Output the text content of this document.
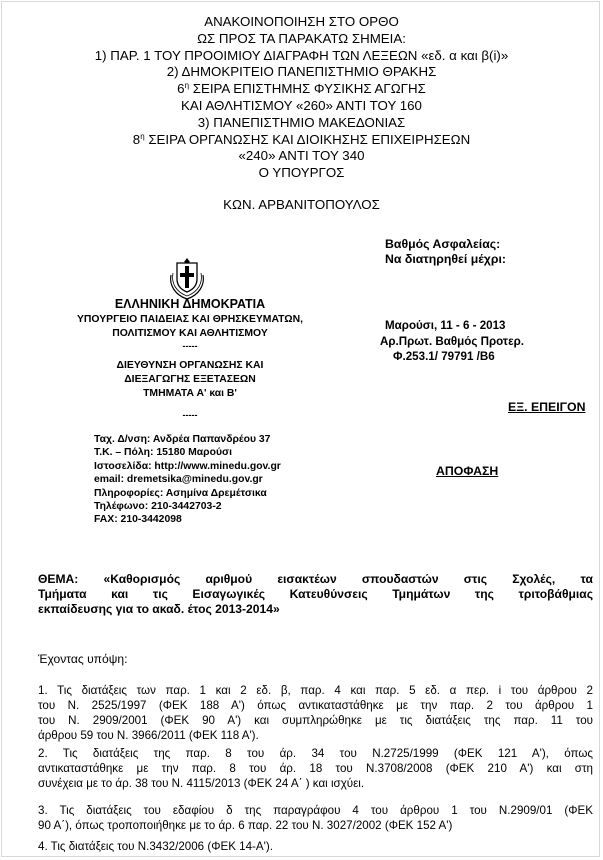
ΑΝΑΚΟΙΝΟΠΟΙΗΣΗ ΣΤΟ ΟΡΘΟ
ΩΣ ΠΡΟΣ ΤΑ ΠΑΡΑΚΑΤΩ ΣΗΜΕΙΑ:
1) ΠΑΡ. 1 ΤΟΥ ΠΡΟΟΙΜΙΟΥ ΔΙΑΓΡΑΦΗ ΤΩΝ ΛΕΞΕΩΝ «εδ. α και β(i)»
2) ΔΗΜΟΚΡΙΤΕΙΟ ΠΑΝΕΠΙΣΤΗΜΙΟ ΘΡΑΚΗΣ
$6^\eta$ ΣΕΙΡΑ ΕΠΙΣΤΗΜΗΣ ΦΥΣΙΚΗΣ ΑΓΩΓΗΣ
ΚΑΙ ΑΘΛΗΤΙΣΜΟΥ «260» ΑΝΤΙ ΤΟΥ 160
3) ΠΑΝΕΠΙΣΤΗΜΙΟ ΜΑΚΕΔΟΝΙΑΣ
$8^\eta$ ΣΕΙΡΑ ΟΡΓΑΝΩΣΗΣ ΚΑΙ ΔΙΟΙΚΗΣΗΣ ΕΠΙΧΕΙΡΗΣΕΩΝ
«240» ΑΝΤΙ ΤΟΥ 340
Ο ΥΠΟΥΡΓΟΣ
ΚΩΝ. ΑΡΒΑΝΙΤΟΠΟΥΛΟΣ
Βαθμός Ασφαλείας:
Να διατηρηθεί μέχρι:
ΕΛΛΗΝΙΚΗ ΔΗΜΟΚΡΑΤΙΑ
ΥΠΟΥΡΓΕΙΟ ΠΑΙΔΕΙΑΣ ΚΑΙ ΘΡΗΣΚΕΥΜΑΤΩΝ,
ΠΟΛΙΤΙΣΜΟΥ ΚΑΙ ΑΘΛΗΤΙΣΜΟΥ
-----
ΔΙΕΥΘΥΝΣΗ ΟΡΓΑΝΩΣΗΣ ΚΑΙ
ΔΙΕΞΑΓΩΓΗΣ ΕΞΕΤΑΣΕΩΝ
ΤΜΗΜΑΤΑ Α' και Β'
-----
Μαρούσι, 11 - 6 - 2013
Αρ.Πρωτ. Βαθμός Προτερ.
Φ.253.1/ 79791 /Β6
ΕΞ. ΕΠΕΙΓΟΝ
Ταχ. Δ/νση: Ανδρέα Παπανδρέου 37
Τ.Κ. – Πόλη: 15180 Μαρούσι
Ιστοσελίδα: http://www.minedu.gov.gr
email: dremetsika@minedu.gov.gr
Πληροφορίες: Ασημίνα Δρεμέτσικα
Τηλέφωνο: 210-3442703-2
FAX: 210-3442098
ΑΠΟΦΑΣΗ
ΘΕΜΑ: «Καθορισμός αριθμού εισακτέων σπουδαστών στις Σχολές, τα
Τμήματα και τις Εισαγωγικές Κατευθύνσεις Τμημάτων της τριτοβάθμιας
εκπαίδευσης για το ακαδ. έτος 2013-2014»
Έχοντας υπόψη:
1. Τις διατάξεις των παρ. 1 και 2 εδ. β, παρ. 4 και παρ. 5 εδ. α περ. i του άρθρου 2
του Ν. 2525/1997 (ΦΕΚ 188 Α') όπως αντικαταστάθηκε με την παρ. 2 του άρθρου 1
του Ν. 2909/2001 (ΦΕΚ 90 Α') και συμπληρώθηκε με τις διατάξεις της παρ. 11 του
άρθρου 59 του Ν. 3966/2011 (ΦΕΚ 118 Α').
2. Τις διατάξεις της παρ. 8 του άρ. 34 του Ν.2725/1999 (ΦΕΚ 121 Α'), όπως
αντικαταστάθηκε με την παρ. 8 του άρ. 18 του Ν.3708/2008 (ΦΕΚ 210 Α') και στη
συνέχεια με το άρ. 38 του Ν. 4115/2013 (ΦΕΚ 24 Α΄ ) και ισχύει.
3. Τις διατάξεις του εδαφίου δ της παραγράφου 4 του άρθρου 1 του Ν.2909/01 (ΦΕΚ
90 Α΄), όπως τροποποιήθηκε με το άρ. 6 παρ. 22 του Ν. 3027/2002 (ΦΕΚ 152 Α')
4. Τις διατάξεις του Ν.3432/2006 (ΦΕΚ 14-Α').
